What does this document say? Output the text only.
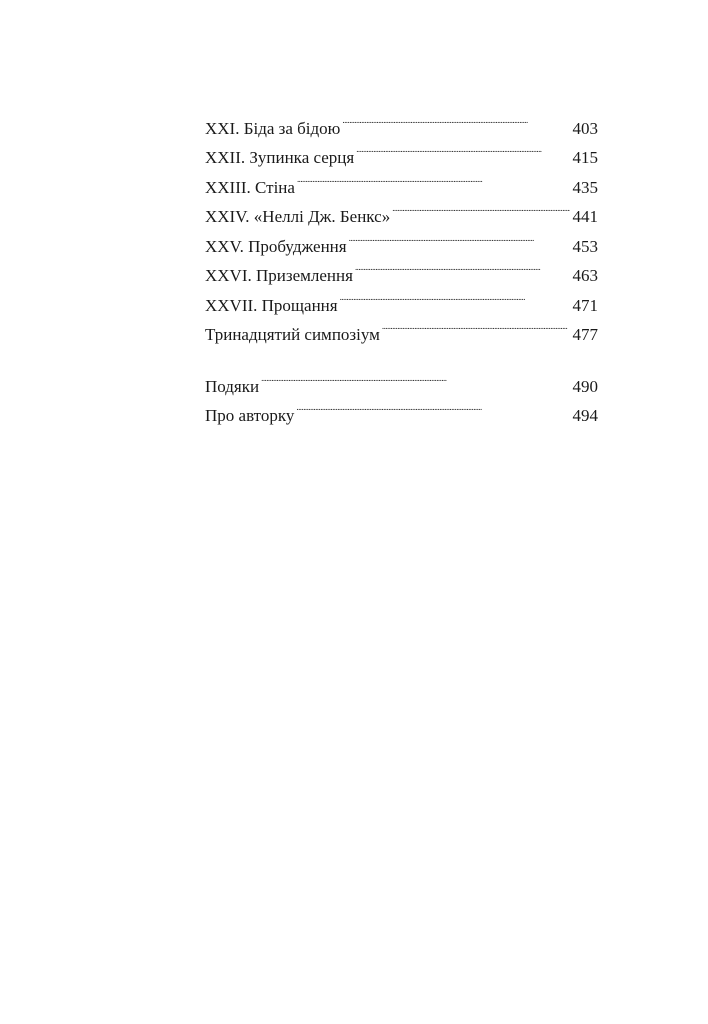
XXI. Біда за бідою . . .	403
XXII. Зупинка серця . . .	415
XXIII. Стіна . . .	435
XXIV. «Неллі Дж. Бенкс» . . .	441
XXV. Пробудження . . .	453
XXVI. Приземлення . . .	463
XXVII. Прощання . . .	471
Тринадцятий симпозіум . . .	477
Подяки . . .	490
Про авторку . . .	494
